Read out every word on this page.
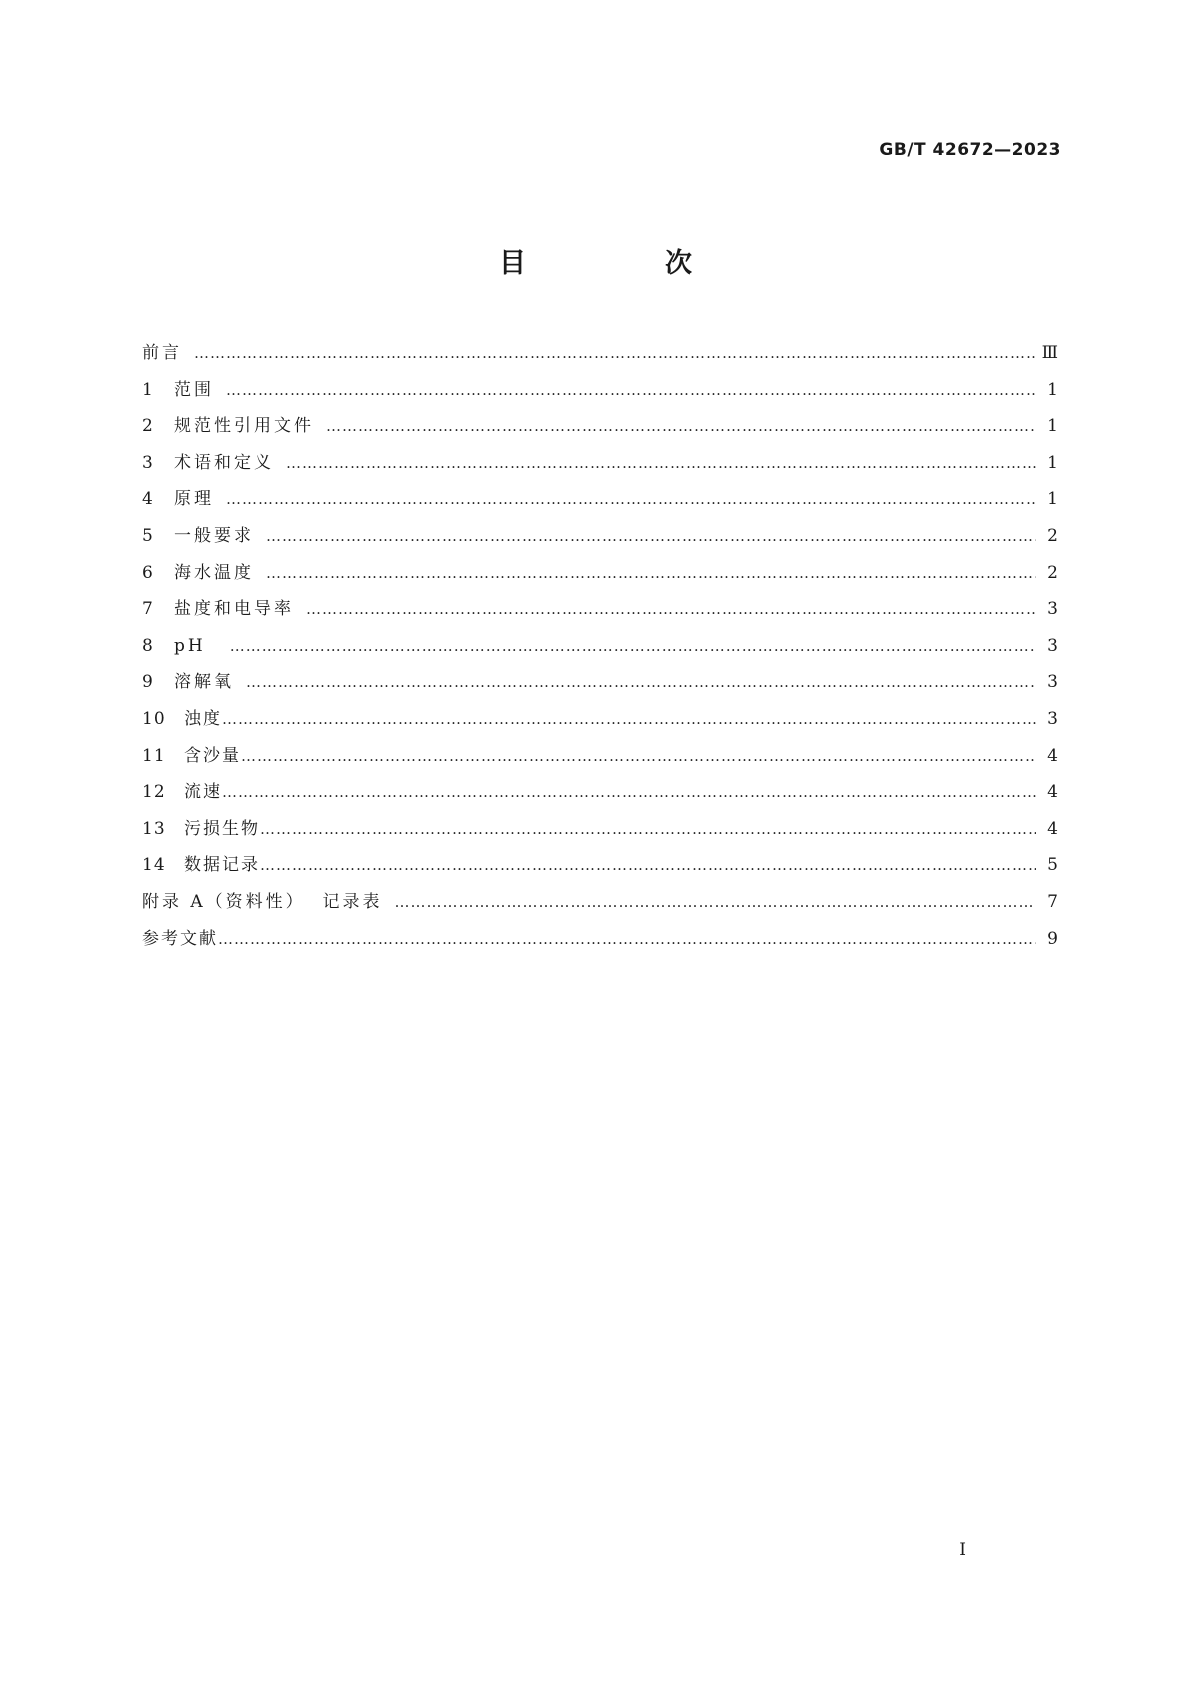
GB/T 42672—2023
目　次
前言 ………………………………………………………………………………………………………………………………………………………………………………………………………………………………………………	Ⅲ
1	范围 ………………………………………………………………………………………………………………………………………………………………………………………………………………………………………………	1
2	规范性引用文件 ………………………………………………………………………………………………………………………………………………………………………………………………………………………………………………	1
3	术语和定义 ………………………………………………………………………………………………………………………………………………………………………………………………………………………………………………	1
4	原理 ………………………………………………………………………………………………………………………………………………………………………………………………………………………………………………	1
5	一般要求 ………………………………………………………………………………………………………………………………………………………………………………………………………………………………………………	2
6	海水温度 ………………………………………………………………………………………………………………………………………………………………………………………………………………………………………………	2
7	盐度和电导率 ………………………………………………………………………………………………………………………………………………………………………………………………………………………………………………	3
8	pH ………………………………………………………………………………………………………………………………………………………………………………………………………………………………………………	3
9	溶解氧 ………………………………………………………………………………………………………………………………………………………………………………………………………………………………………………	3
10	浊度 ………………………………………………………………………………………………………………………………………………………………………………………………………………………………………………	3
11	含沙量 ………………………………………………………………………………………………………………………………………………………………………………………………………………………………………………	4
12	流速 ………………………………………………………………………………………………………………………………………………………………………………………………………………………………………………	4
13	污损生物 ………………………………………………………………………………………………………………………………………………………………………………………………………………………………………………	4
14	数据记录 ………………………………………………………………………………………………………………………………………………………………………………………………………………………………………………	5
附录 A（资料性）  记录表 ………………………………………………………………………………………………………………………………………………………………………………………………………………………………………………	7
参考文献 ………………………………………………………………………………………………………………………………………………………………………………………………………………………………………………	9
I
